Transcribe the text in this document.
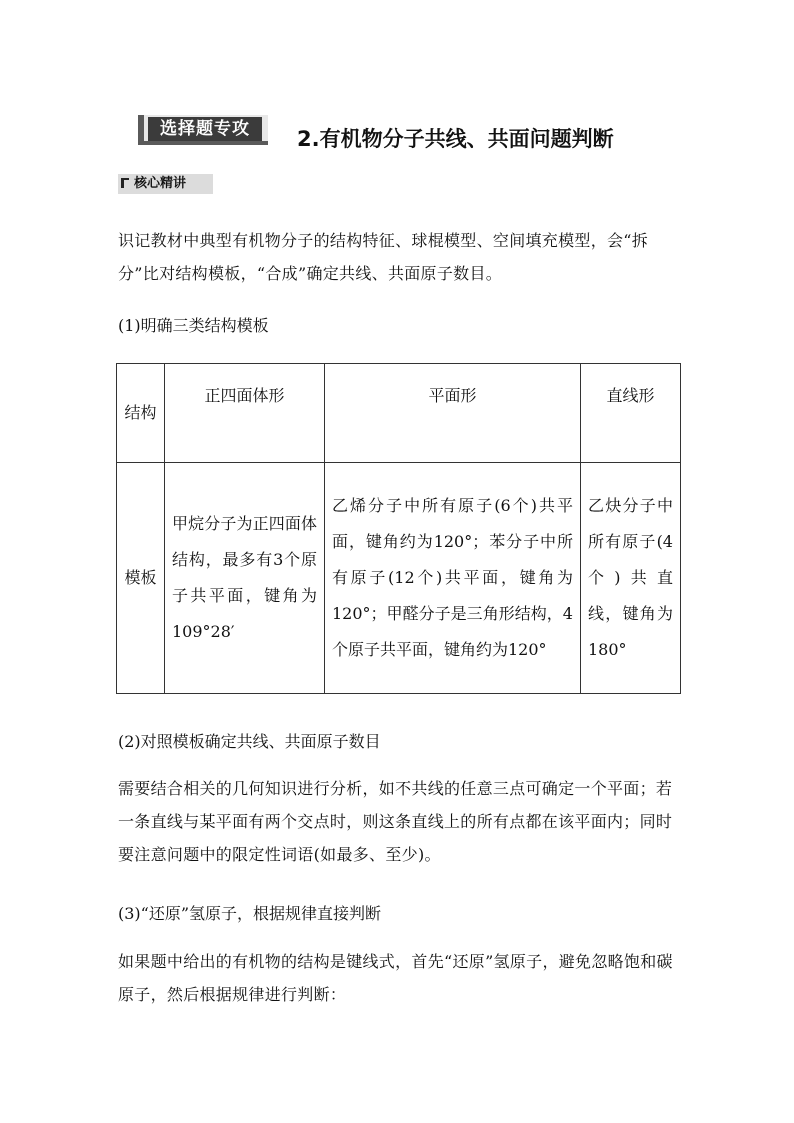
选择题专攻	2.有机物分子共线、共面问题判断
核心精讲

识记教材中典型有机物分子的结构特征、球棍模型、空间填充模型，会“拆分”比对结构模板，“合成”确定共线、共面原子数目。

(1)明确三类结构模板

结构	正四面体形	平面形	直线形
模板	甲烷分子为正四面体结构，最多有3个原子共平面，键角为109°28′	乙烯分子中所有原子(6个)共平面，键角约为120°；苯分子中所有原子(12个)共平面，键角为120°；甲醛分子是三角形结构，4个原子共平面，键角约为120°	乙炔分子中所有原子(4个)共直线，键角为180°

(2)对照模板确定共线、共面原子数目

需要结合相关的几何知识进行分析，如不共线的任意三点可确定一个平面；若一条直线与某平面有两个交点时，则这条直线上的所有点都在该平面内；同时要注意问题中的限定性词语(如最多、至少)。

(3)“还原”氢原子，根据规律直接判断

如果题中给出的有机物的结构是键线式，首先“还原”氢原子，避免忽略饱和碳原子，然后根据规律进行判断：
